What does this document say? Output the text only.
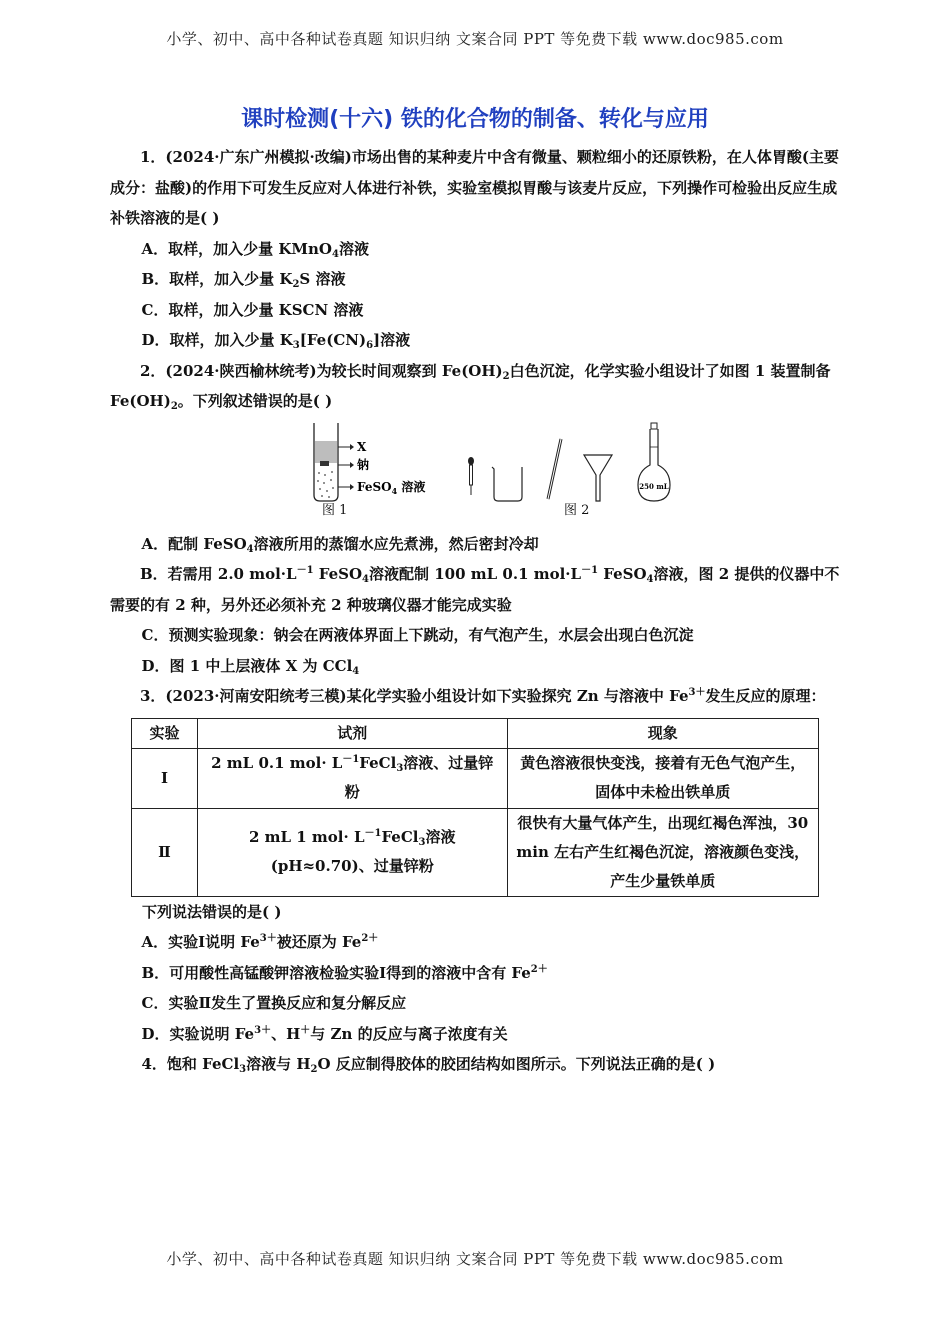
小学、初中、高中各种试卷真题 知识归纳 文案合同 PPT 等免费下载 www.doc985.com
课时检测(十六) 铁的化合物的制备、转化与应用

1．(2024·广东广州模拟·改编)市场出售的某种麦片中含有微量、颗粒细小的还原铁粉，在人体胃酸(主要成分：盐酸)的作用下可发生反应对人体进行补铁，实验室模拟胃酸与该麦片反应，下列操作可检验出反应生成补铁溶液的是( )

A．取样，加入少量 KMnO$_4$溶液

B．取样，加入少量 $K_2S$ 溶液

C．取样，加入少量 KSCN 溶液

D．取样，加入少量 $K_3[Fe(CN)_6]$溶液

2．(2024·陕西榆林统考)为较长时间观察到 $Fe(OH)_2$白色沉淀，化学实验小组设计了如图 1 装置制备 $Fe(OH)_2$。下列叙述错误的是( )

X
钠
FeSO$_4$ 溶液
图 1
250 mL
图 2

A．配制 FeSO$_4$溶液所用的蒸馏水应先煮沸，然后密封冷却

B．若需用 2.0 $mol\cdot L^{-1}$ FeSO$_4$溶液配制 100 mL 0.1 $mol\cdot L^{-1}$ FeSO$_4$溶液，图 2 提供的仪器中不需要的有 2 种，另外还必须补充 2 种玻璃仪器才能完成实验

C．预测实验现象：钠会在两液体界面上下跳动，有气泡产生，水层会出现白色沉淀

D．图 1 中上层液体 X 为 CCl$_4$

3．(2023·河南安阳统考三模)某化学实验小组设计如下实验探究 Zn 与溶液中 $Fe^{3+}$发生反应的原理：

实验	试剂	现象
Ⅰ	2 mL 0.1 $mol\cdot L^{-1}FeCl_3$溶液、过量锌粉	黄色溶液很快变浅，接着有无色气泡产生，固体中未检出铁单质
Ⅱ	2 mL 1 $mol\cdot L^{-1}FeCl_3$溶液(pH≈0.70)、过量锌粉	很快有大量气体产生，出现红褐色浑浊，30 min 左右产生红褐色沉淀，溶液颜色变浅，产生少量铁单质

下列说法错误的是( )

A．实验Ⅰ说明 $Fe^{3+}$被还原为 $Fe^{2+}$

B．可用酸性高锰酸钾溶液检验实验Ⅰ得到的溶液中含有 $Fe^{2+}$

C．实验Ⅱ发生了置换反应和复分解反应

D．实验说明 $Fe^{3+}$、H＋与 Zn 的反应与离子浓度有关

4．饱和 FeCl$_3$溶液与 $H_2O$ 反应制得胶体的胶团结构如图所示。下列说法正确的是( )

小学、初中、高中各种试卷真题 知识归纳 文案合同 PPT 等免费下载 www.doc985.com
